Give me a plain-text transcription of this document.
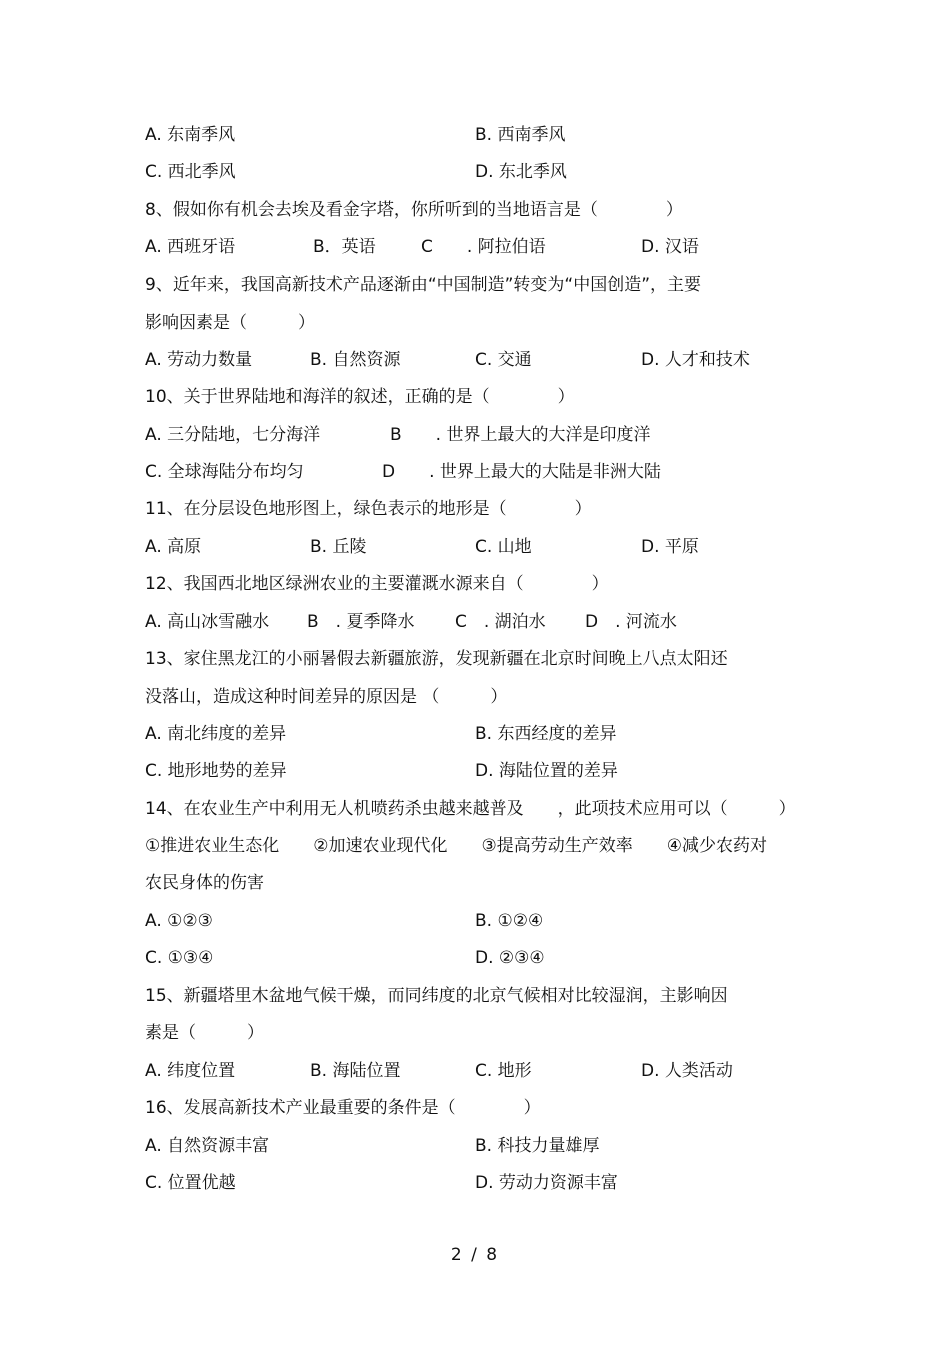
A. 东南季风	B. 西南季风
C. 西北季风	D. 东北季风
8、假如你有机会去埃及看金字塔，你所听到的当地语言是（　　　　）
A. 西班牙语	B．英语	C　　. 阿拉伯语	D. 汉语
9、近年来，我国高新技术产品逐渐由“中国制造”转变为“中国创造”，主要
影响因素是（　　　）
A. 劳动力数量	B. 自然资源	C. 交通	D. 人才和技术
10、关于世界陆地和海洋的叙述，正确的是（　　　　）
A. 三分陆地，七分海洋	B　　. 世界上最大的大洋是印度洋
C. 全球海陆分布均匀	D　　. 世界上最大的大陆是非洲大陆
11、在分层设色地形图上，绿色表示的地形是（　　　　）
A. 高原	B. 丘陵	C. 山地	D. 平原
12、我国西北地区绿洲农业的主要灌溉水源来自（　　　　）
A. 高山冰雪融水 B　. 夏季降水 C　. 湖泊水 D　. 河流水
13、家住黑龙江的小丽暑假去新疆旅游，发现新疆在北京时间晚上八点太阳还
没落山，造成这种时间差异的原因是 （　　　）
A. 南北纬度的差异	B. 东西经度的差异
C. 地形地势的差异	D. 海陆位置的差异
14、在农业生产中利用无人机喷药杀虫越来越普及　　，此项技术应用可以（　　　）
①推进农业生态化　　②加速农业现代化　　③提高劳动生产效率　　④减少农药对
农民身体的伤害
A. ①②③	B. ①②④
C. ①③④	D. ②③④
15、新疆塔里木盆地气候干燥，而同纬度的北京气候相对比较湿润，主影响因
素是（　　　）
A. 纬度位置	B. 海陆位置	C. 地形	D. 人类活动
16、发展高新技术产业最重要的条件是（　　　　）
A. 自然资源丰富	B. 科技力量雄厚
C. 位置优越	D. 劳动力资源丰富
2 / 8
